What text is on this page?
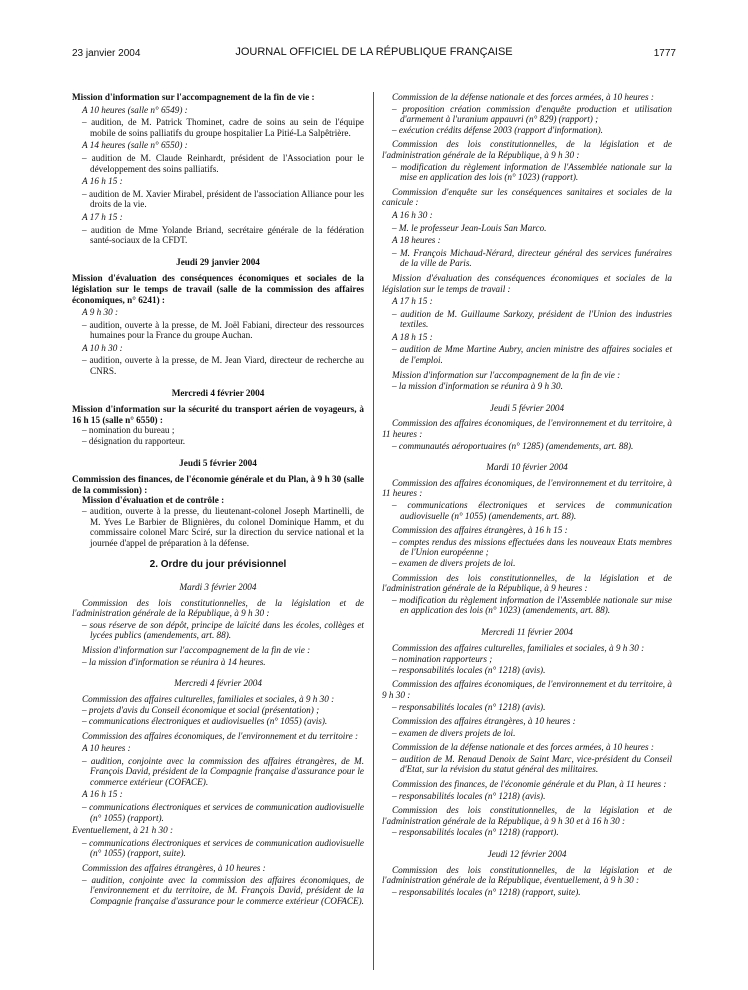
23 janvier 2004	JOURNAL OFFICIEL DE LA RÉPUBLIQUE FRANÇAISE	1777

Mission d'information sur l'accompagnement de la fin de vie :

A 10 heures (salle n° 6549) :

– audition, de M. Patrick Thominet, cadre de soins au sein de l'équipe mobile de soins palliatifs du groupe hospitalier La Pitié-La Salpêtrière.

A 14 heures (salle n° 6550) :

– audition de M. Claude Reinhardt, président de l'Association pour le développement des soins palliatifs.

A 16 h 15 :

– audition de M. Xavier Mirabel, président de l'association Alliance pour les droits de la vie.

A 17 h 15 :

– audition de Mme Yolande Briand, secrétaire générale de la fédération santé-sociaux de la CFDT.

Jeudi 29 janvier 2004

Mission d'évaluation des conséquences économiques et sociales de la législation sur le temps de travail (salle de la commission des affaires économiques, n° 6241) :

A 9 h 30 :

– audition, ouverte à la presse, de M. Joël Fabiani, directeur des ressources humaines pour la France du groupe Auchan.

A 10 h 30 :

– audition, ouverte à la presse, de M. Jean Viard, directeur de recherche au CNRS.

Mercredi 4 février 2004

Mission d'information sur la sécurité du transport aérien de voyageurs, à 16 h 15 (salle n° 6550) :

– nomination du bureau ;

– désignation du rapporteur.

Jeudi 5 février 2004

Commission des finances, de l'économie générale et du Plan, à 9 h 30 (salle de la commission) :

Mission d'évaluation et de contrôle :

– audition, ouverte à la presse, du lieutenant-colonel Joseph Martinelli, de M. Yves Le Barbier de Blignières, du colonel Dominique Hamm, et du commissaire colonel Marc Sciré, sur la direction du service national et la journée d'appel de préparation à la défense.

2. Ordre du jour prévisionnel

Mardi 3 février 2004

Commission des lois constitutionnelles, de la législation et de l'administration générale de la République, à 9 h 30 :

– sous réserve de son dépôt, principe de laïcité dans les écoles, collèges et lycées publics (amendements, art. 88).

Mission d'information sur l'accompagnement de la fin de vie :

– la mission d'information se réunira à 14 heures.

Mercredi 4 février 2004

Commission des affaires culturelles, familiales et sociales, à 9 h 30 :

– projets d'avis du Conseil économique et social (présentation) ;

– communications électroniques et audiovisuelles (n° 1055) (avis).

Commission des affaires économiques, de l'environnement et du territoire :

A 10 heures :

– audition, conjointe avec la commission des affaires étrangères, de M. François David, président de la Compagnie française d'assurance pour le commerce extérieur (COFACE).

A 16 h 15 :

– communications électroniques et services de communication audiovisuelle (n° 1055) (rapport).

Eventuellement, à 21 h 30 :

– communications électroniques et services de communication audiovisuelle (n° 1055) (rapport, suite).

Commission des affaires étrangères, à 10 heures :

– audition, conjointe avec la commission des affaires économiques, de l'environnement et du territoire, de M. François David, président de la Compagnie française d'assurance pour le commerce extérieur (COFACE).

Commission de la défense nationale et des forces armées, à 10 heures :

– proposition création commission d'enquête production et utilisation d'armement à l'uranium appauvri (n° 829) (rapport) ;

– exécution crédits défense 2003 (rapport d'information).

Commission des lois constitutionnelles, de la législation et de l'administration générale de la République, à 9 h 30 :

– modification du règlement information de l'Assemblée nationale sur la mise en application des lois (n° 1023) (rapport).

Commission d'enquête sur les conséquences sanitaires et sociales de la canicule :

A 16 h 30 :

– M. le professeur Jean-Louis San Marco.

A 18 heures :

– M. François Michaud-Nérard, directeur général des services funéraires de la ville de Paris.

Mission d'évaluation des conséquences économiques et sociales de la législation sur le temps de travail :

A 17 h 15 :

– audition de M. Guillaume Sarkozy, président de l'Union des industries textiles.

A 18 h 15 :

– audition de Mme Martine Aubry, ancien ministre des affaires sociales et de l'emploi.

Mission d'information sur l'accompagnement de la fin de vie :

– la mission d'information se réunira à 9 h 30.

Jeudi 5 février 2004

Commission des affaires économiques, de l'environnement et du territoire, à 11 heures :

– communautés aéroportuaires (n° 1285) (amendements, art. 88).

Mardi 10 février 2004

Commission des affaires économiques, de l'environnement et du territoire, à 11 heures :

– communications électroniques et services de communication audiovisuelle (n° 1055) (amendements, art. 88).

Commission des affaires étrangères, à 16 h 15 :

– comptes rendus des missions effectuées dans les nouveaux Etats membres de l'Union européenne ;

– examen de divers projets de loi.

Commission des lois constitutionnelles, de la législation et de l'administration générale de la République, à 9 heures :

– modification du règlement information de l'Assemblée nationale sur mise en application des lois (n° 1023) (amendements, art. 88).

Mercredi 11 février 2004

Commission des affaires culturelles, familiales et sociales, à 9 h 30 :

– nomination rapporteurs ;

– responsabilités locales (n° 1218) (avis).

Commission des affaires économiques, de l'environnement et du territoire, à 9 h 30 :

– responsabilités locales (n° 1218) (avis).

Commission des affaires étrangères, à 10 heures :

– examen de divers projets de loi.

Commission de la défense nationale et des forces armées, à 10 heures :

– audition de M. Renaud Denoix de Saint Marc, vice-président du Conseil d'Etat, sur la révision du statut général des militaires.

Commission des finances, de l'économie générale et du Plan, à 11 heures :

– responsabilités locales (n° 1218) (avis).

Commission des lois constitutionnelles, de la législation et de l'administration générale de la République, à 9 h 30 et à 16 h 30 :

– responsabilités locales (n° 1218) (rapport).

Jeudi 12 février 2004

Commission des lois constitutionnelles, de la législation et de l'administration générale de la République, éventuellement, à 9 h 30 :

– responsabilités locales (n° 1218) (rapport, suite).
